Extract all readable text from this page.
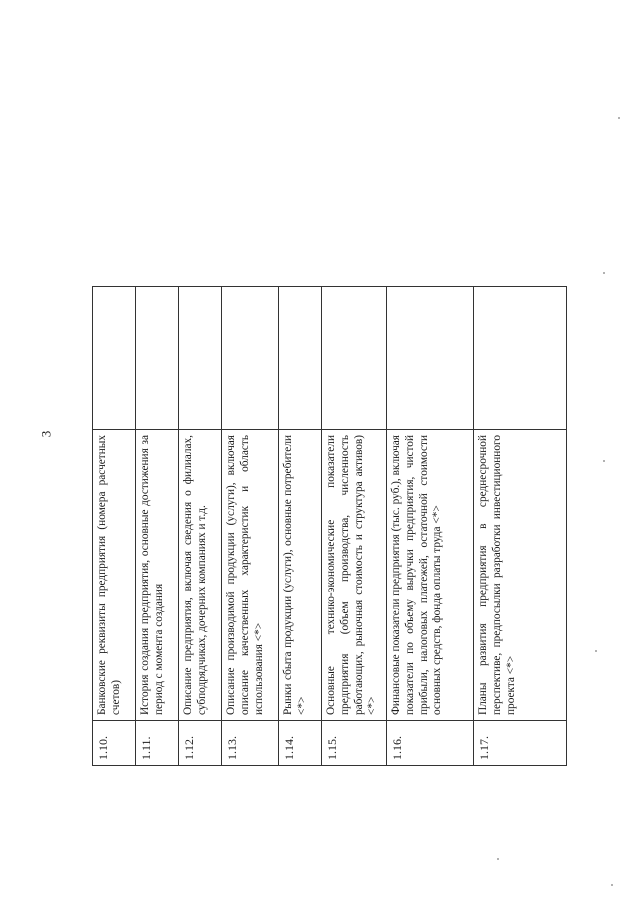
3
1.10.	Банковские реквизиты предприятия (номера расчетных счетов)	
1.11.	История создания предприятия, основные достижения за период с момента создания	
1.12.	Описание предприятия, включая сведения о филиалах, субподрядчиках, дочерних компаниях и т.д.	
1.13.	Описание производимой продукции (услуги), включая описание качественных характеристик и область использования <*>	
1.14.	Рынки сбыта продукции (услуги), основные потребители <*>	
1.15.	Основные технико-экономические показатели предприятия (объем производства, численность работающих, рыночная стоимость и структура активов) <*>	
1.16.	Финансовые показатели предприятия (тыс. руб.), включая показатели по объему выручки предприятия, чистой прибыли, налоговых платежей, остаточной стоимости основных средств, фонда оплаты труда <*>	
1.17.	Планы развития предприятия в среднесрочной перспективе, предпосылки разработки инвестиционного проекта <*>	
